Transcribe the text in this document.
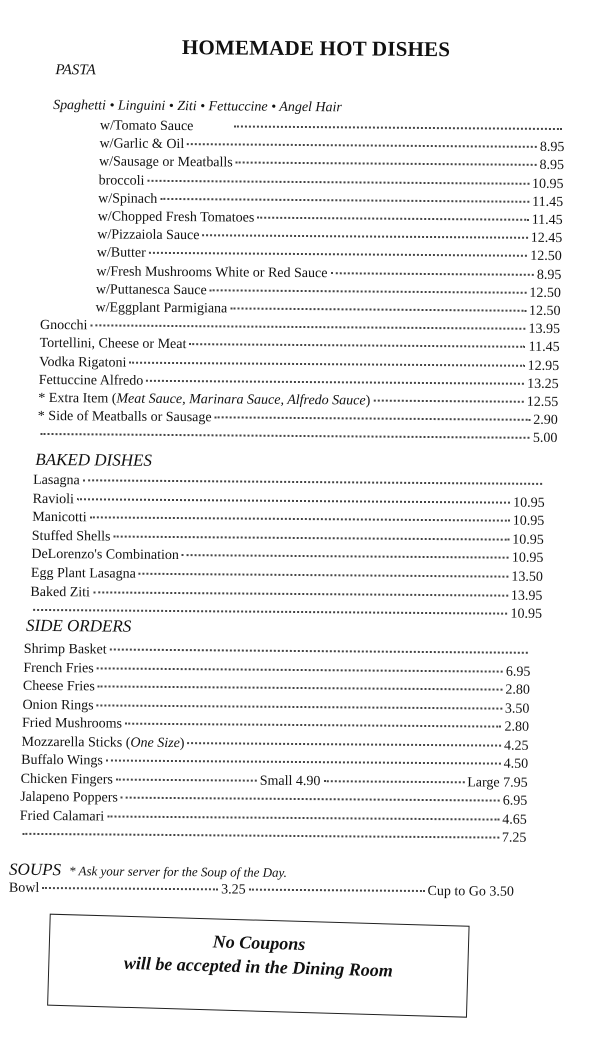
HOMEMADE HOT DISHES
PASTA
Spaghetti • Linguini • Ziti • Fettuccine • Angel Hair
w/Tomato Sauce
w/Garlic & Oil	8.95
w/Sausage or Meatballs	8.95
broccoli	10.95
w/Spinach	11.45
w/Chopped Fresh Tomatoes	11.45
w/Pizzaiola Sauce	12.45
w/Butter	12.50
w/Fresh Mushrooms White or Red Sauce	8.95
w/Puttanesca Sauce	12.50
w/Eggplant Parmigiana	12.50
Gnocchi	13.95
Tortellini, Cheese or Meat	11.45
Vodka Rigatoni	12.95
Fettuccine Alfredo	13.25
* Extra Item ( Meat Sauce, Marinara Sauce, Alfredo Sauce )	12.55
* Side of Meatballs or Sausage	2.90
5.00
BAKED DISHES
Lasagna
Ravioli	10.95
Manicotti	10.95
Stuffed Shells	10.95
DeLorenzo's Combination	10.95
Egg Plant Lasagna	13.50
Baked Ziti	13.95
10.95
SIDE ORDERS
Shrimp Basket
French Fries	6.95
Cheese Fries	2.80
Onion Rings	3.50
Fried Mushrooms	2.80
Mozzarella Sticks ( One Size )	4.25
Buffalo Wings	4.50
Chicken Fingers	Small 4.90	Large 7.95
Jalapeno Poppers	6.95
Fried Calamari	4.65
7.25
SOUPS * Ask your server for the Soup of the Day.
Bowl	3.25	Cup to Go 3.50
No Coupons
will be accepted in the Dining Room
